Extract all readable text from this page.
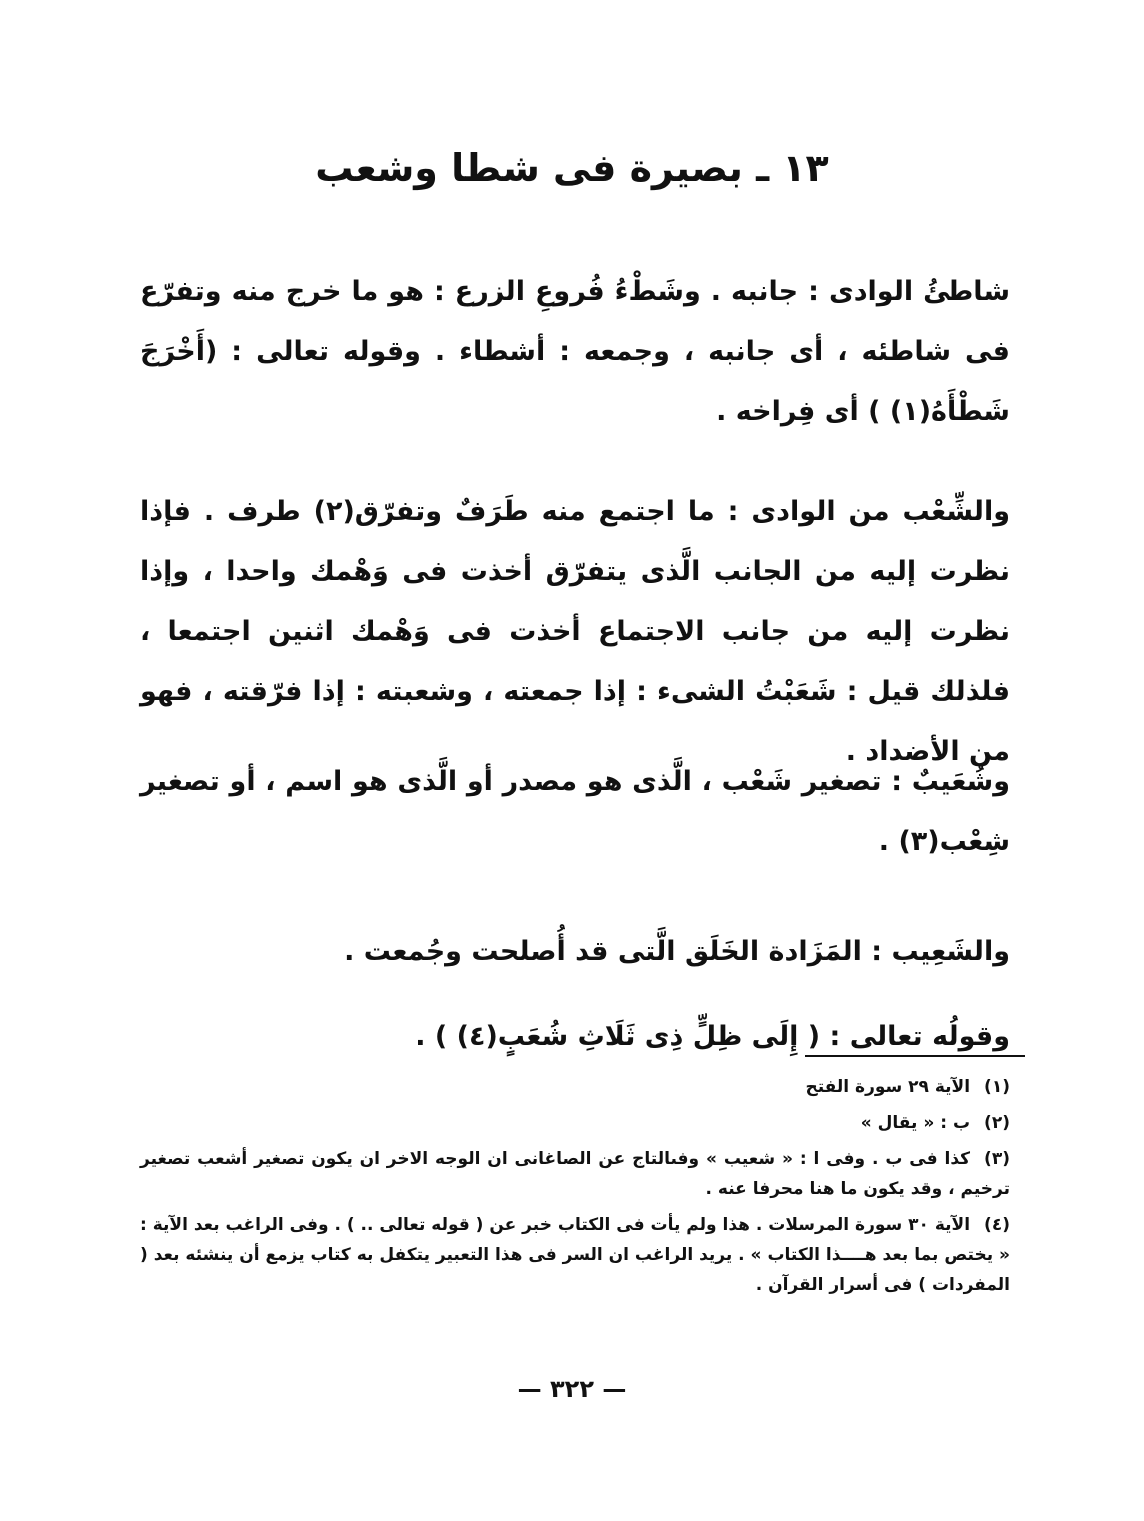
١٣ ـ بصيرة فى شطا وشعب

شاطئُ الوادى : جانبه . وشَطْءُ فُروعِ الزرع : هو ما خرج منه وتفرّع فى شاطئه ، أى جانبه ، وجمعه : أشطاء . وقوله تعالى : (أَخْرَجَ شَطْأَهُ(١) ) أى فِراخه .

والشِّعْب من الوادى : ما اجتمع منه طَرَفٌ وتفرّق(٢) طرف . فإذا نظرت إليه من الجانب الَّذى يتفرّق أخذت فى وَهْمك واحدا ، وإذا نظرت إليه من جانب الاجتماع أخذت فى وَهْمك اثنين اجتمعا ، فلذلك قيل : شَعَبْتُ الشىء : إذا جمعته ، وشعبته : إذا فرّقته ، فهو من الأضداد .

وشُعَيبٌ : تصغير شَعْب ، الَّذى هو مصدر أو الَّذى هو اسم ، أو تصغير شِعْب(٣) .

والشَعِيب : المَزَادة الخَلَق الَّتى قد أُصلحت وجُمعت .

وقولُه تعالى : ( إِلَى ظِلٍّ ذِى ثَلَاثِ شُعَبٍ(٤) ) .

(١)الآية ٢٩ سورة الفتح

(٢)ب : « يقال »

(٣)كذا فى ب . وفى ا : « شعيب » وفىالتاج عن الصاغانى ان الوجه الاخر ان يكون تصغير أشعب تصغير ترخيم ، وقد يكون ما هنا محرفا عنه .

(٤)الآية ٣٠ سورة المرسلات . هذا ولم يأت فى الكتاب خبر عن ( قوله تعالى .. ) . وفى الراغب بعد الآية : « يختص بما بعد هــــذا الكتاب » . يريد الراغب ان السر فى هذا التعبير يتكفل به كتاب يزمع أن ينشئه بعد ( المفردات ) فى أسرار القرآن .

— ٣٢٢ —
